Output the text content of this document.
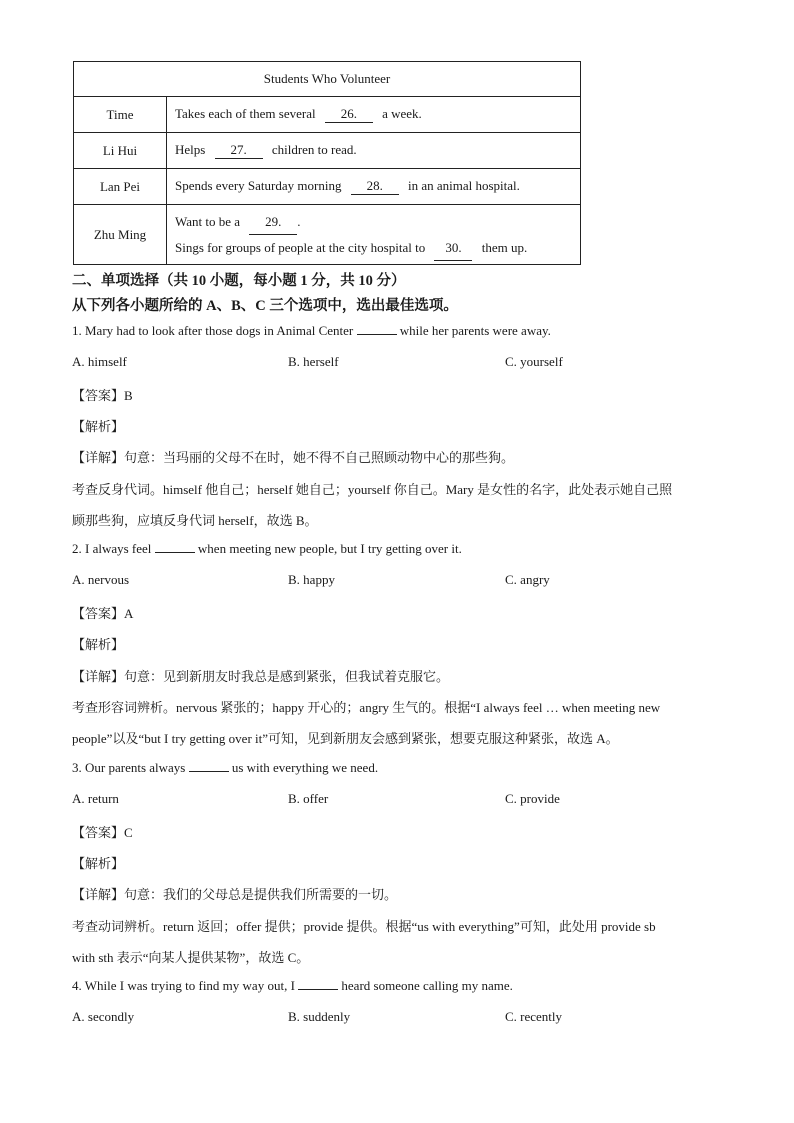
Students Who Volunteer	
Time	Takes each of them several 26. a week.
Li Hui	Helps 27. children to read.
Lan Pei	Spends every Saturday morning 28. in an animal hospital.
Zhu Ming	Want to be a 29. .
Sings for groups of people at the city hospital to 30. them up.
二、单项选择（共 10 小题，每小题 1 分，共 10 分）
从下列各小题所给的 A、B、C 三个选项中，选出最佳选项。
1. Mary had to look after those dogs in Animal Center	while her parents were away.
A. himself	B. herself	C. yourself
【答案】B
【解析】
【详解】句意：当玛丽的父母不在时，她不得不自己照顾动物中心的那些狗。
考查反身代词。himself 他自己；herself 她自己；yourself 你自己。Mary 是女性的名字，此处表示她自己照
顾那些狗，应填反身代词 herself，故选 B。
2. I always feel	when meeting new people, but I try getting over it.
A. nervous	B. happy	C. angry
【答案】A
【解析】
【详解】句意：见到新朋友时我总是感到紧张，但我试着克服它。
考查形容词辨析。nervous 紧张的；happy 开心的；angry 生气的。根据“I always feel … when meeting new
people”以及“but I try getting over it”可知，见到新朋友会感到紧张，想要克服这种紧张，故选 A。
3. Our parents always	us with everything we need.
A. return	B. offer	C. provide
【答案】C
【解析】
【详解】句意：我们的父母总是提供我们所需要的一切。
考查动词辨析。return 返回；offer 提供；provide 提供。根据“us with everything”可知，此处用 provide sb
with sth 表示“向某人提供某物”，故选 C。
4. While I was trying to find my way out, I	heard someone calling my name.
A. secondly	B. suddenly	C. recently
